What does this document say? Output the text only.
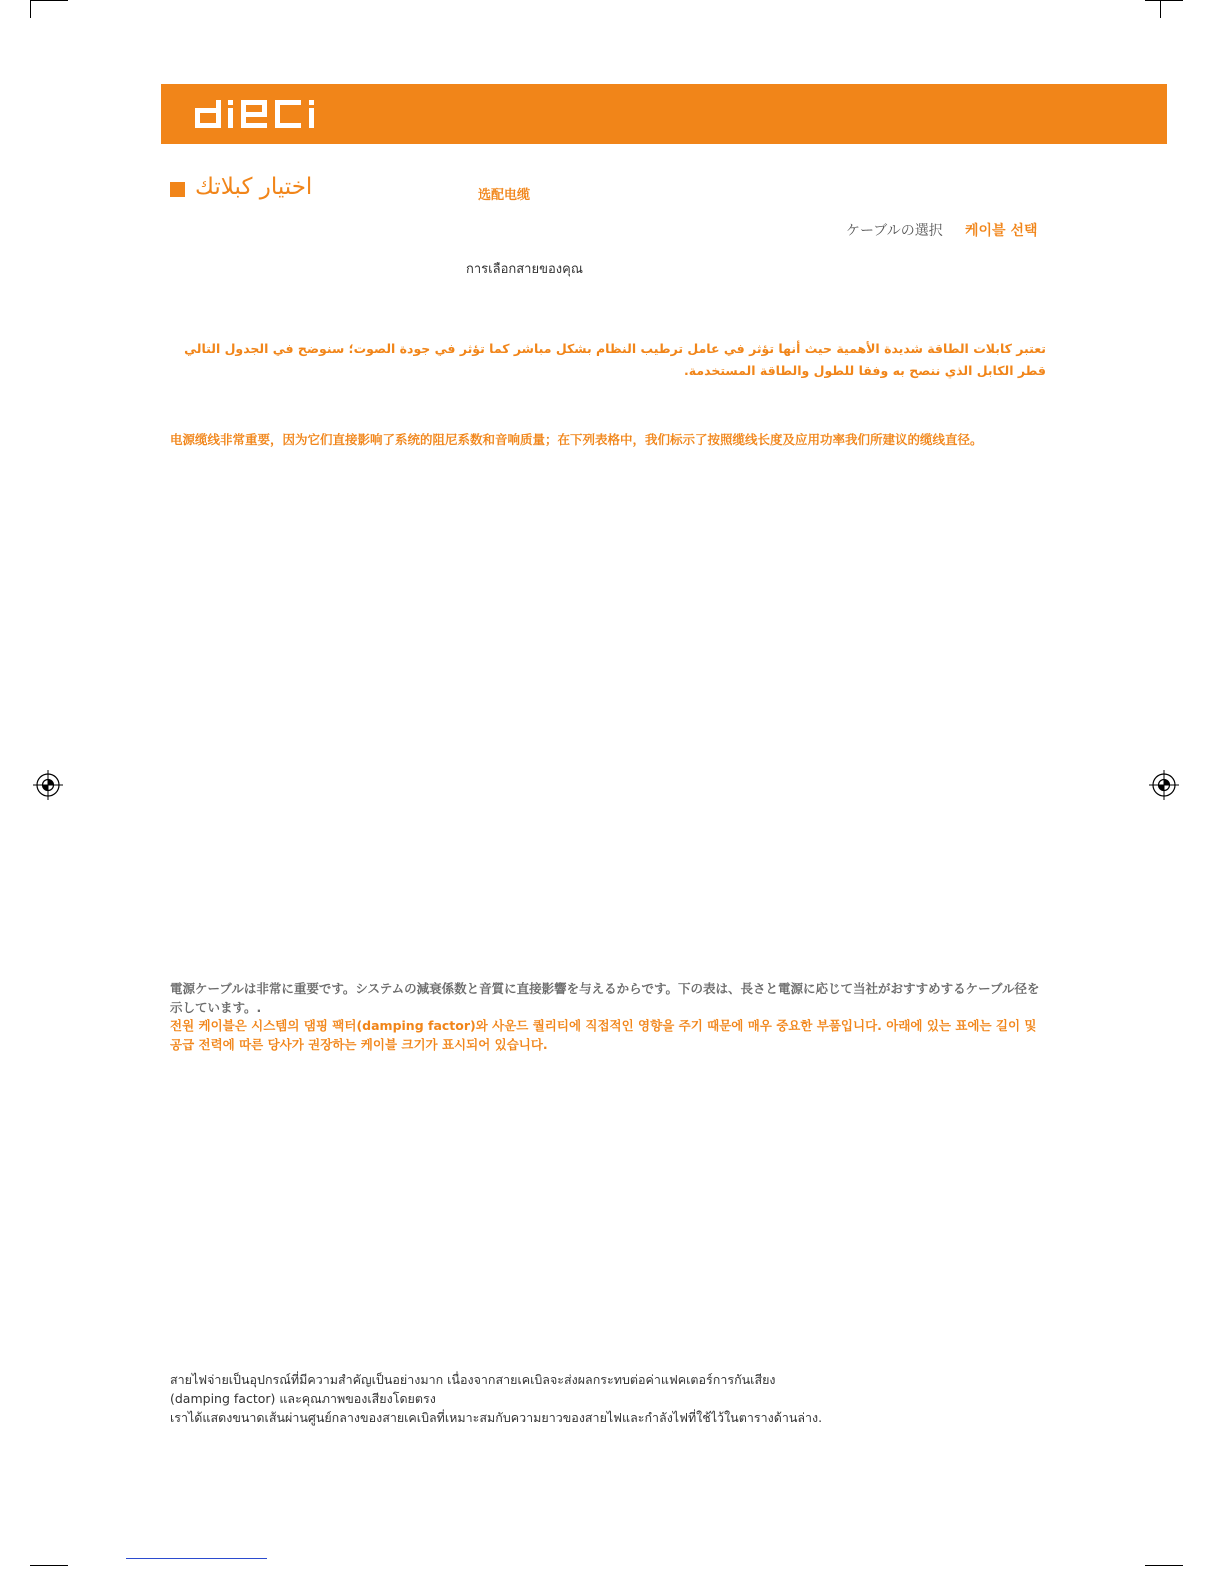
اختيار كبلاتك	选配电缆
ケーブルの選択 케이블 선택
การเลือกสายของคุณ
تعتبر كابلات الطاقة شديدة الأهمية حيث أنها تؤثر في عامل ترطيب النظام بشكل مباشر كما تؤثر في جودة الصوت؛ سنوضح في الجدول التالي قطر الكابل الذي ننصح به وفقا للطول والطاقة المستخدمة.
电源缆线非常重要，因为它们直接影响了系统的阻尼系数和音响质量；在下列表格中，我们标示了按照缆线长度及应用功率我们所建议的缆线直径。
電源ケーブルは非常に重要です。システムの減衰係数と音質に直接影響を与えるからです。下の表は、長さと電源に応じて当社がおすすめするケーブル径を示しています。.
전원 케이블은 시스템의 댐핑 팩터(damping factor)와 사운드 퀄리티에 직접적인 영향을 주기 때문에 매우 중요한 부품입니다. 아래에 있는 표에는 길이 및 공급 전력에 따른 당사가 권장하는 케이블 크기가 표시되어 있습니다.
สายไฟจ่ายเป็นอุปกรณ์ที่มีความสำคัญเป็นอย่างมาก เนื่องจากสายเคเบิลจะส่งผลกระทบต่อค่าแฟคเตอร์การกันเสียง
(damping factor) และคุณภาพของเสียงโดยตรง
เราได้แสดงขนาดเส้นผ่านศูนย์กลางของสายเคเบิลที่เหมาะสมกับความยาวของสายไฟและกำลังไฟที่ใช้ไว้ในตารางด้านล่าง.
